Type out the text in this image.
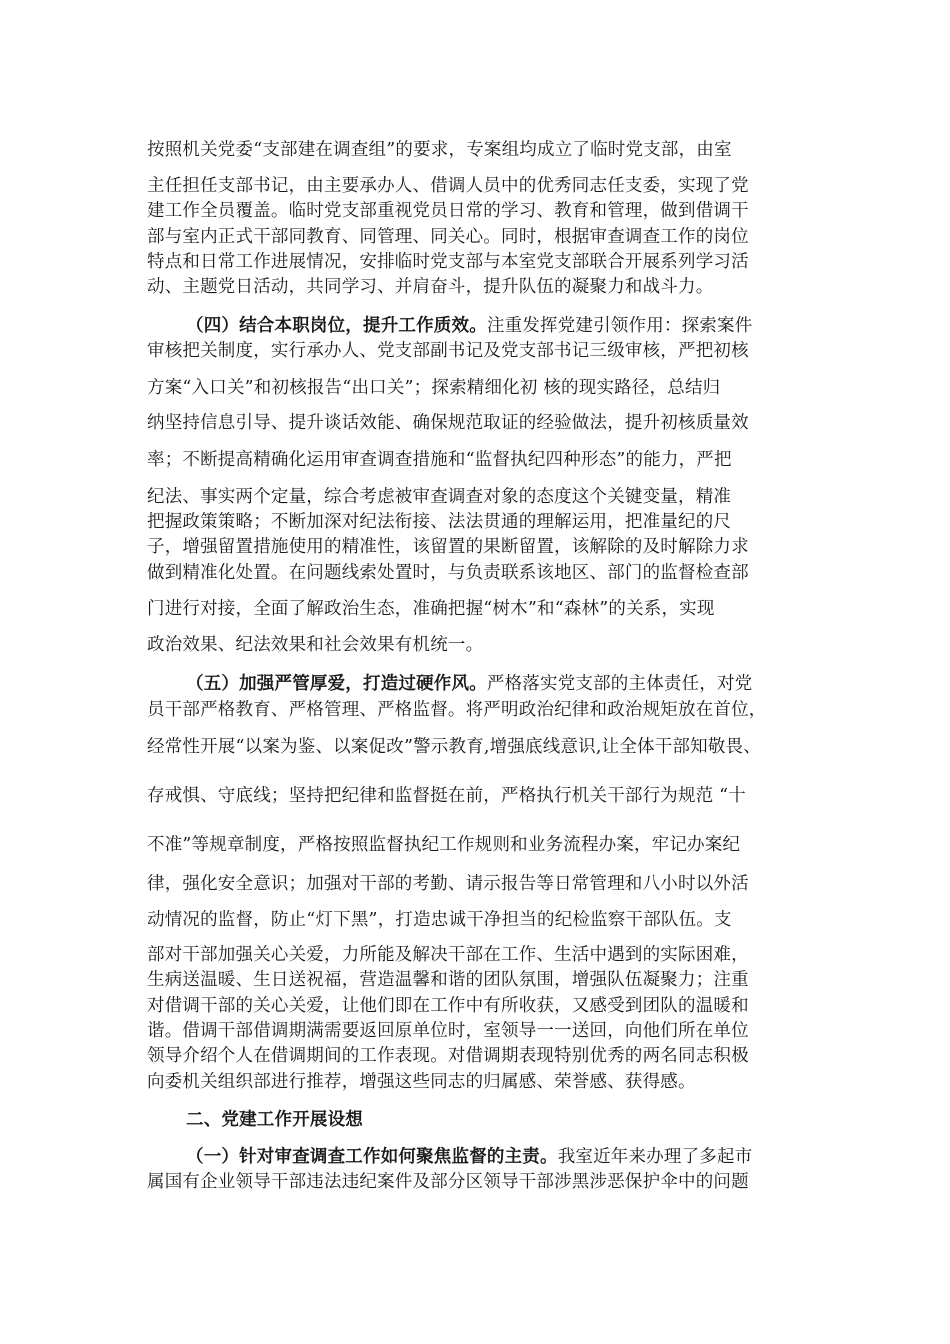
按照机关党委“支部建在调查组”的要求，专案组均成立了临时党支部，由室
主任担任支部书记，由主要承办人、借调人员中的优秀同志任支委，实现了党
建工作全员覆盖。临时党支部重视党员日常的学习、教育和管理，做到借调干
部与室内正式干部同教育、同管理、同关心。同时，根据审查调查工作的岗位
特点和日常工作进展情况，安排临时党支部与本室党支部联合开展系列学习活
动、主题党日活动，共同学习、并肩奋斗，提升队伍的凝聚力和战斗力。
（四）结合本职岗位，提升工作质效。注重发挥党建引领作用：探索案件
审核把关制度，实行承办人、党支部副书记及党支部书记三级审核，严把初核
方案“入口关”和初核报告“出口关”；探索精细化初 核的现实路径，总结归
纳坚持信息引导、提升谈话效能、确保规范取证的经验做法，提升初核质量效
率；不断提高精确化运用审查调查措施和“监督执纪四种形态”的能力，严把
纪法、事实两个定量，综合考虑被审查调查对象的态度这个关键变量，精准
把握政策策略；不断加深对纪法衔接、法法贯通的理解运用，把准量纪的尺
子，增强留置措施使用的精准性，该留置的果断留置，该解除的及时解除力求
做到精准化处置。在问题线索处置时，与负责联系该地区、部门的监督检查部
门进行对接，全面了解政治生态，准确把握“树木”和“森林”的关系，实现
政治效果、纪法效果和社会效果有机统一。
（五）加强严管厚爱，打造过硬作风。严格落实党支部的主体责任，对党
员干部严格教育、严格管理、严格监督。将严明政治纪律和政治规矩放在首位，
经常性开展“以案为鉴、以案促改”警示教育,增强底线意识,让全体干部知敬畏、
存戒惧、守底线；坚持把纪律和监督挺在前，严格执行机关干部行为规范 “十
不准”等规章制度，严格按照监督执纪工作规则和业务流程办案，牢记办案纪
律，强化安全意识；加强对干部的考勤、请示报告等日常管理和八小时以外活
动情况的监督，防止“灯下黑”，打造忠诚干净担当的纪检监察干部队伍。支
部对干部加强关心关爱，力所能及解决干部在工作、生活中遇到的实际困难，
生病送温暖、生日送祝福，营造温馨和谐的团队氛围，增强队伍凝聚力；注重
对借调干部的关心关爱，让他们即在工作中有所收获，又感受到团队的温暖和
谐。借调干部借调期满需要返回原单位时，室领导一一送回，向他们所在单位
领导介绍个人在借调期间的工作表现。对借调期表现特别优秀的两名同志积极
向委机关组织部进行推荐，增强这些同志的归属感、荣誉感、获得感。
二、党建工作开展设想
（一）针对审查调查工作如何聚焦监督的主责。我室近年来办理了多起市
属国有企业领导干部违法违纪案件及部分区领导干部涉黑涉恶保护伞中的问题
